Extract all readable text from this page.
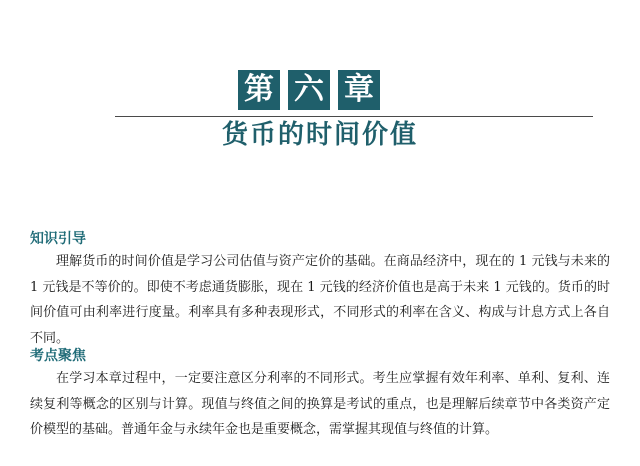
第 六 章
货币的时间价值
知识引导

理解货币的时间价值是学习公司估值与资产定价的基础。在商品经济中，现在的 1 元钱与未来的 1 元钱是不等价的。即使不考虑通货膨胀，现在 1 元钱的经济价值也是高于未来 1 元钱的。货币的时间价值可由利率进行度量。利率具有多种表现形式，不同形式的利率在含义、构成与计息方式上各自不同。

考点聚焦

在学习本章过程中，一定要注意区分利率的不同形式。考生应掌握有效年利率、单利、复利、连续复利等概念的区别与计算。现值与终值之间的换算是考试的重点，也是理解后续章节中各类资产定价模型的基础。普通年金与永续年金也是重要概念，需掌握其现值与终值的计算。
